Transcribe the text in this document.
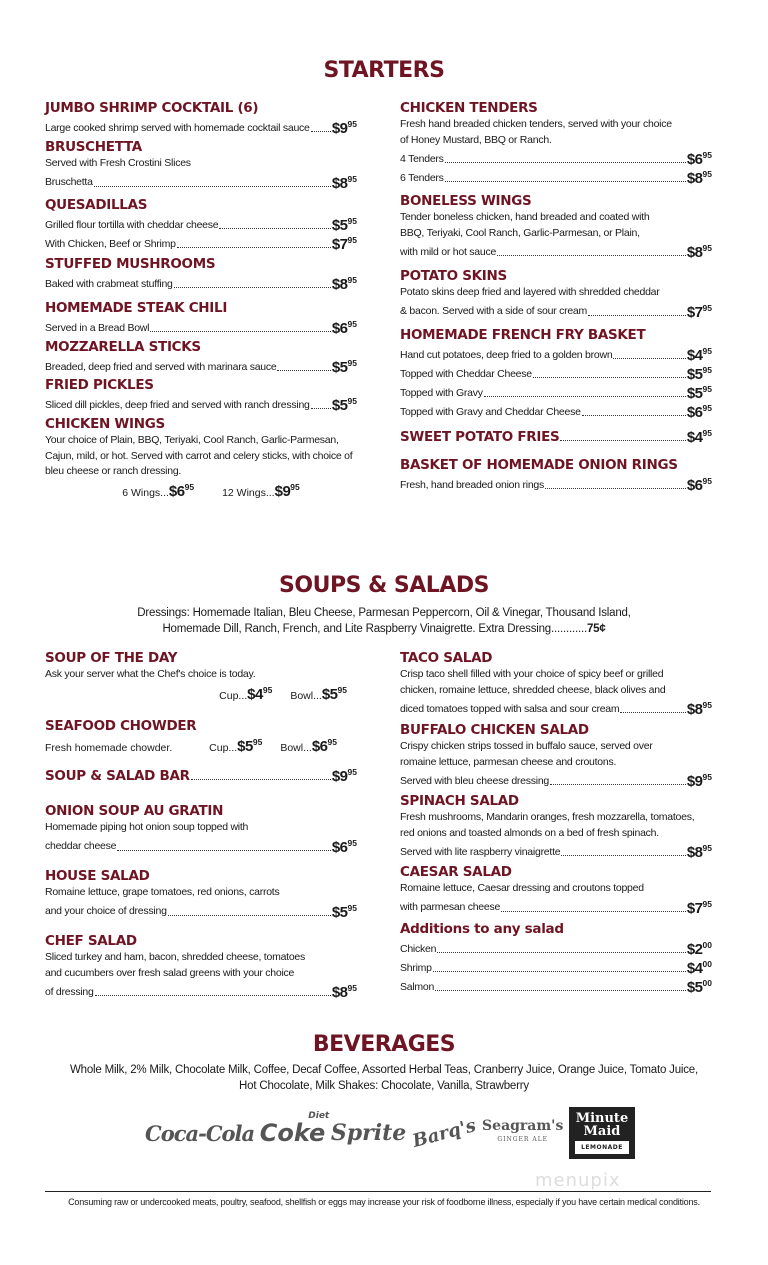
STARTERS
JUMBO SHRIMP COCKTAIL (6)
Large cooked shrimp served with homemade cocktail sauce $\$9^{95}$
BRUSCHETTA
Served with Fresh Crostini Slices
Bruschetta	$\$8^{95}$
QUESADILLAS
Grilled flour tortilla with cheddar cheese	$\$5^{95}$
With Chicken, Beef or Shrimp	$\$7^{95}$
STUFFED MUSHROOMS
Baked with crabmeat stuffing	$\$8^{95}$
HOMEMADE STEAK CHILI
Served in a Bread Bowl	$\$6^{95}$
MOZZARELLA STICKS
Breaded, deep fried and served with marinara sauce	$\$5^{95}$
FRIED PICKLES
Sliced dill pickles, deep fried and served with ranch dressing $\$5^{95}$
CHICKEN WINGS
Your choice of Plain, BBQ, Teriyaki, Cool Ranch, Garlic-Parmesan,
Cajun, mild, or hot. Served with carrot and celery sticks, with choice of
bleu cheese or ranch dressing.
6 $Wings...\$6^{95}$	12 $Wings...\$9^{95}$
CHICKEN TENDERS
Fresh hand breaded chicken tenders, served with your choice
of Honey Mustard, BBQ or Ranch.
4 Tenders	$\$6^{95}$
6 Tenders	$\$8^{95}$
BONELESS WINGS
Tender boneless chicken, hand breaded and coated with
BBQ, Teriyaki, Cool Ranch, Garlic-Parmesan, or Plain,
with mild or hot sauce	$\$8^{95}$
POTATO SKINS
Potato skins deep fried and layered with shredded cheddar
& bacon. Served with a side of sour cream	$\$7^{95}$
HOMEMADE FRENCH FRY BASKET
Hand cut potatoes, deep fried to a golden brown	$\$4^{95}$
Topped with Cheddar Cheese	$\$5^{95}$
Topped with Gravy	$\$5^{95}$
Topped with Gravy and Cheddar Cheese	$\$6^{95}$
SWEET POTATO FRIES	$\$4^{95}$
BASKET OF HOMEMADE ONION RINGS
Fresh, hand breaded onion rings	$\$6^{95}$
SOUPS & SALADS
Dressings: Homemade Italian, Bleu Cheese, Parmesan Peppercorn, Oil & Vinegar, Thousand Island,
Homemade Dill, Ranch, French, and Lite Raspberry Vinaigrette. Extra Dressing............75¢
SOUP OF THE DAY
Ask your server what the Chef's choice is today.
$Cup...\$4^{95}$ $Bowl...\$5^{95}$
SEAFOOD CHOWDER
Fresh homemade chowder.	$Cup...\$5^{95}$ $Bowl...\$6^{95}$
SOUP & SALAD BAR	$\$9^{95}$
ONION SOUP AU GRATIN
Homemade piping hot onion soup topped with
cheddar cheese	$\$6^{95}$
HOUSE SALAD
Romaine lettuce, grape tomatoes, red onions, carrots
and your choice of dressing	$\$5^{95}$
CHEF SALAD
Sliced turkey and ham, bacon, shredded cheese, tomatoes
and cucumbers over fresh salad greens with your choice
of dressing	$\$8^{95}$
TACO SALAD
Crisp taco shell filled with your choice of spicy beef or grilled
chicken, romaine lettuce, shredded cheese, black olives and
diced tomatoes topped with salsa and sour cream	$\$8^{95}$
BUFFALO CHICKEN SALAD
Crispy chicken strips tossed in buffalo sauce, served over
romaine lettuce, parmesan cheese and croutons.
Served with bleu cheese dressing	$\$9^{95}$
SPINACH SALAD
Fresh mushrooms, Mandarin oranges, fresh mozzarella, tomatoes,
red onions and toasted almonds on a bed of fresh spinach.
Served with lite raspberry vinaigrette	$\$8^{95}$
CAESAR SALAD
Romaine lettuce, Caesar dressing and croutons topped
with parmesan cheese	$\$7^{95}$
Additions to any salad
Chicken	$\$2^{00}$
Shrimp	$\$4^{00}$
Salmon	$\$5^{00}$
BEVERAGES
Whole Milk, 2% Milk, Chocolate Milk, Coffee, Decaf Coffee, Assorted Herbal Teas, Cranberry Juice, Orange Juice, Tomato Juice,
Hot Chocolate, Milk Shakes: Chocolate, Vanilla, Strawberry
Coca-Cola Coke
Diet
Sprite Barq's Seagram's
GINGER ALE
Minute Maid
LEMONADE
menupix
Consuming raw or undercooked meats, poultry, seafood, shellfish or eggs may increase your risk of foodborne illness, especially if you have certain medical conditions.
